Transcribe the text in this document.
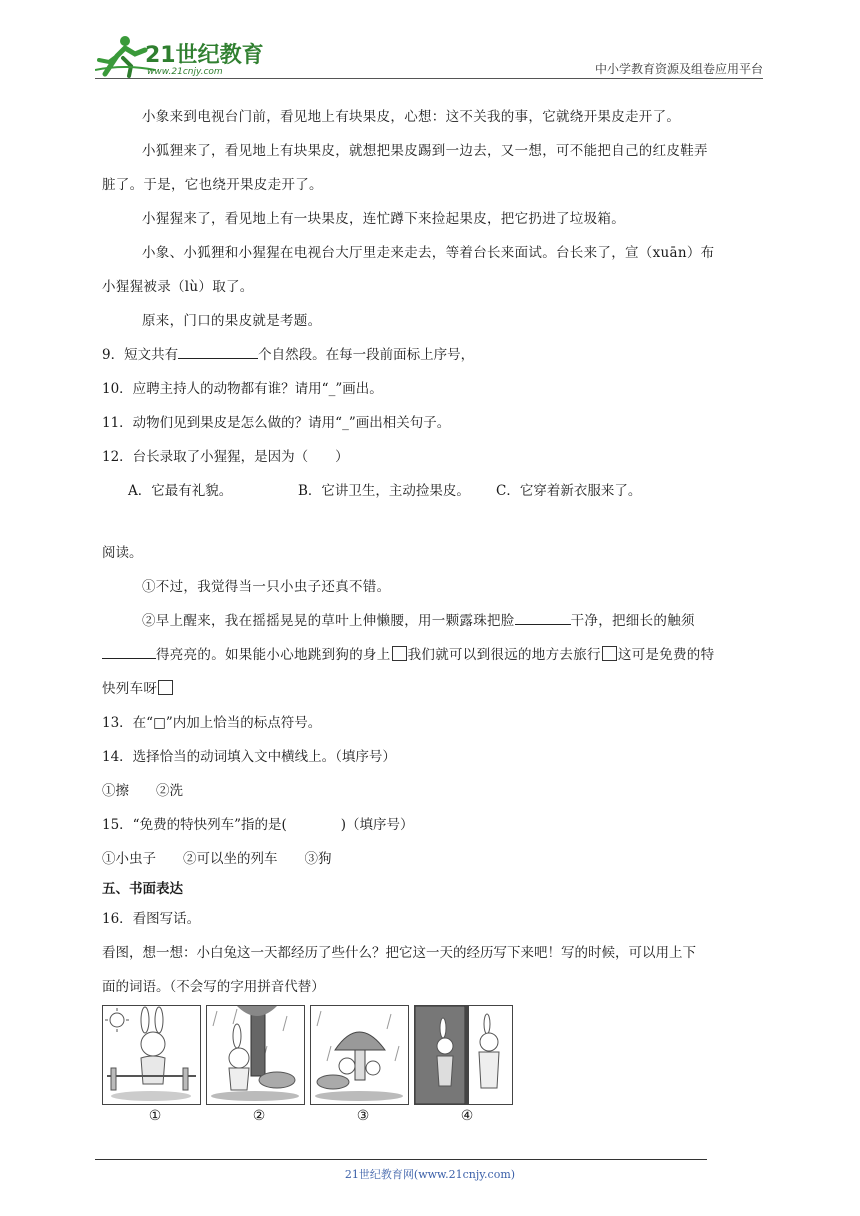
21世纪教育
www.21cnjy.com	中小学教育资源及组卷应用平台

小象来到电视台门前，看见地上有块果皮，心想：这不关我的事，它就绕开果皮走开了。

小狐狸来了，看见地上有块果皮，就想把果皮踢到一边去，又一想，可不能把自己的红皮鞋弄

脏了。于是，它也绕开果皮走开了。

小猩猩来了，看见地上有一块果皮，连忙蹲下来捡起果皮，把它扔进了垃圾箱。

小象、小狐狸和小猩猩在电视台大厅里走来走去，等着台长来面试。台长来了，宣（xuān）布

小猩猩被录（lù）取了。

原来，门口的果皮就是考题。

9．短文共有	个自然段。在每一段前面标上序号，

10．应聘主持人的动物都有谁？请用“_”画出。

11．动物们见到果皮是怎么做的？请用“_”画出相关句子。

12．台长录取了小猩猩，是因为（　　）

A．它最有礼貌。	B．它讲卫生，主动捡果皮。 C．它穿着新衣服来了。

阅读。

①不过，我觉得当一只小虫子还真不错。

②早上醒来，我在摇摇晃晃的草叶上伸懒腰，用一颗露珠把脸	干净，把细长的触须

得亮亮的。如果能小心地跳到狗的身上 我们就可以到很远的地方去旅行 这可是免费的特

快列车呀

13．在“□”内加上恰当的标点符号。

14．选择恰当的动词填入文中横线上。（填序号）

①擦　　②洗

15．“免费的特快列车”指的是(　　　　)（填序号）

①小虫子　　②可以坐的列车　　③狗

五、书面表达

16．看图写话。

看图，想一想：小白兔这一天都经历了些什么？把它这一天的经历写下来吧！写的时候，可以用上下

面的词语。（不会写的字用拼音代替）

①	②	③	④
21世纪教育网(www.21cnjy.com)
